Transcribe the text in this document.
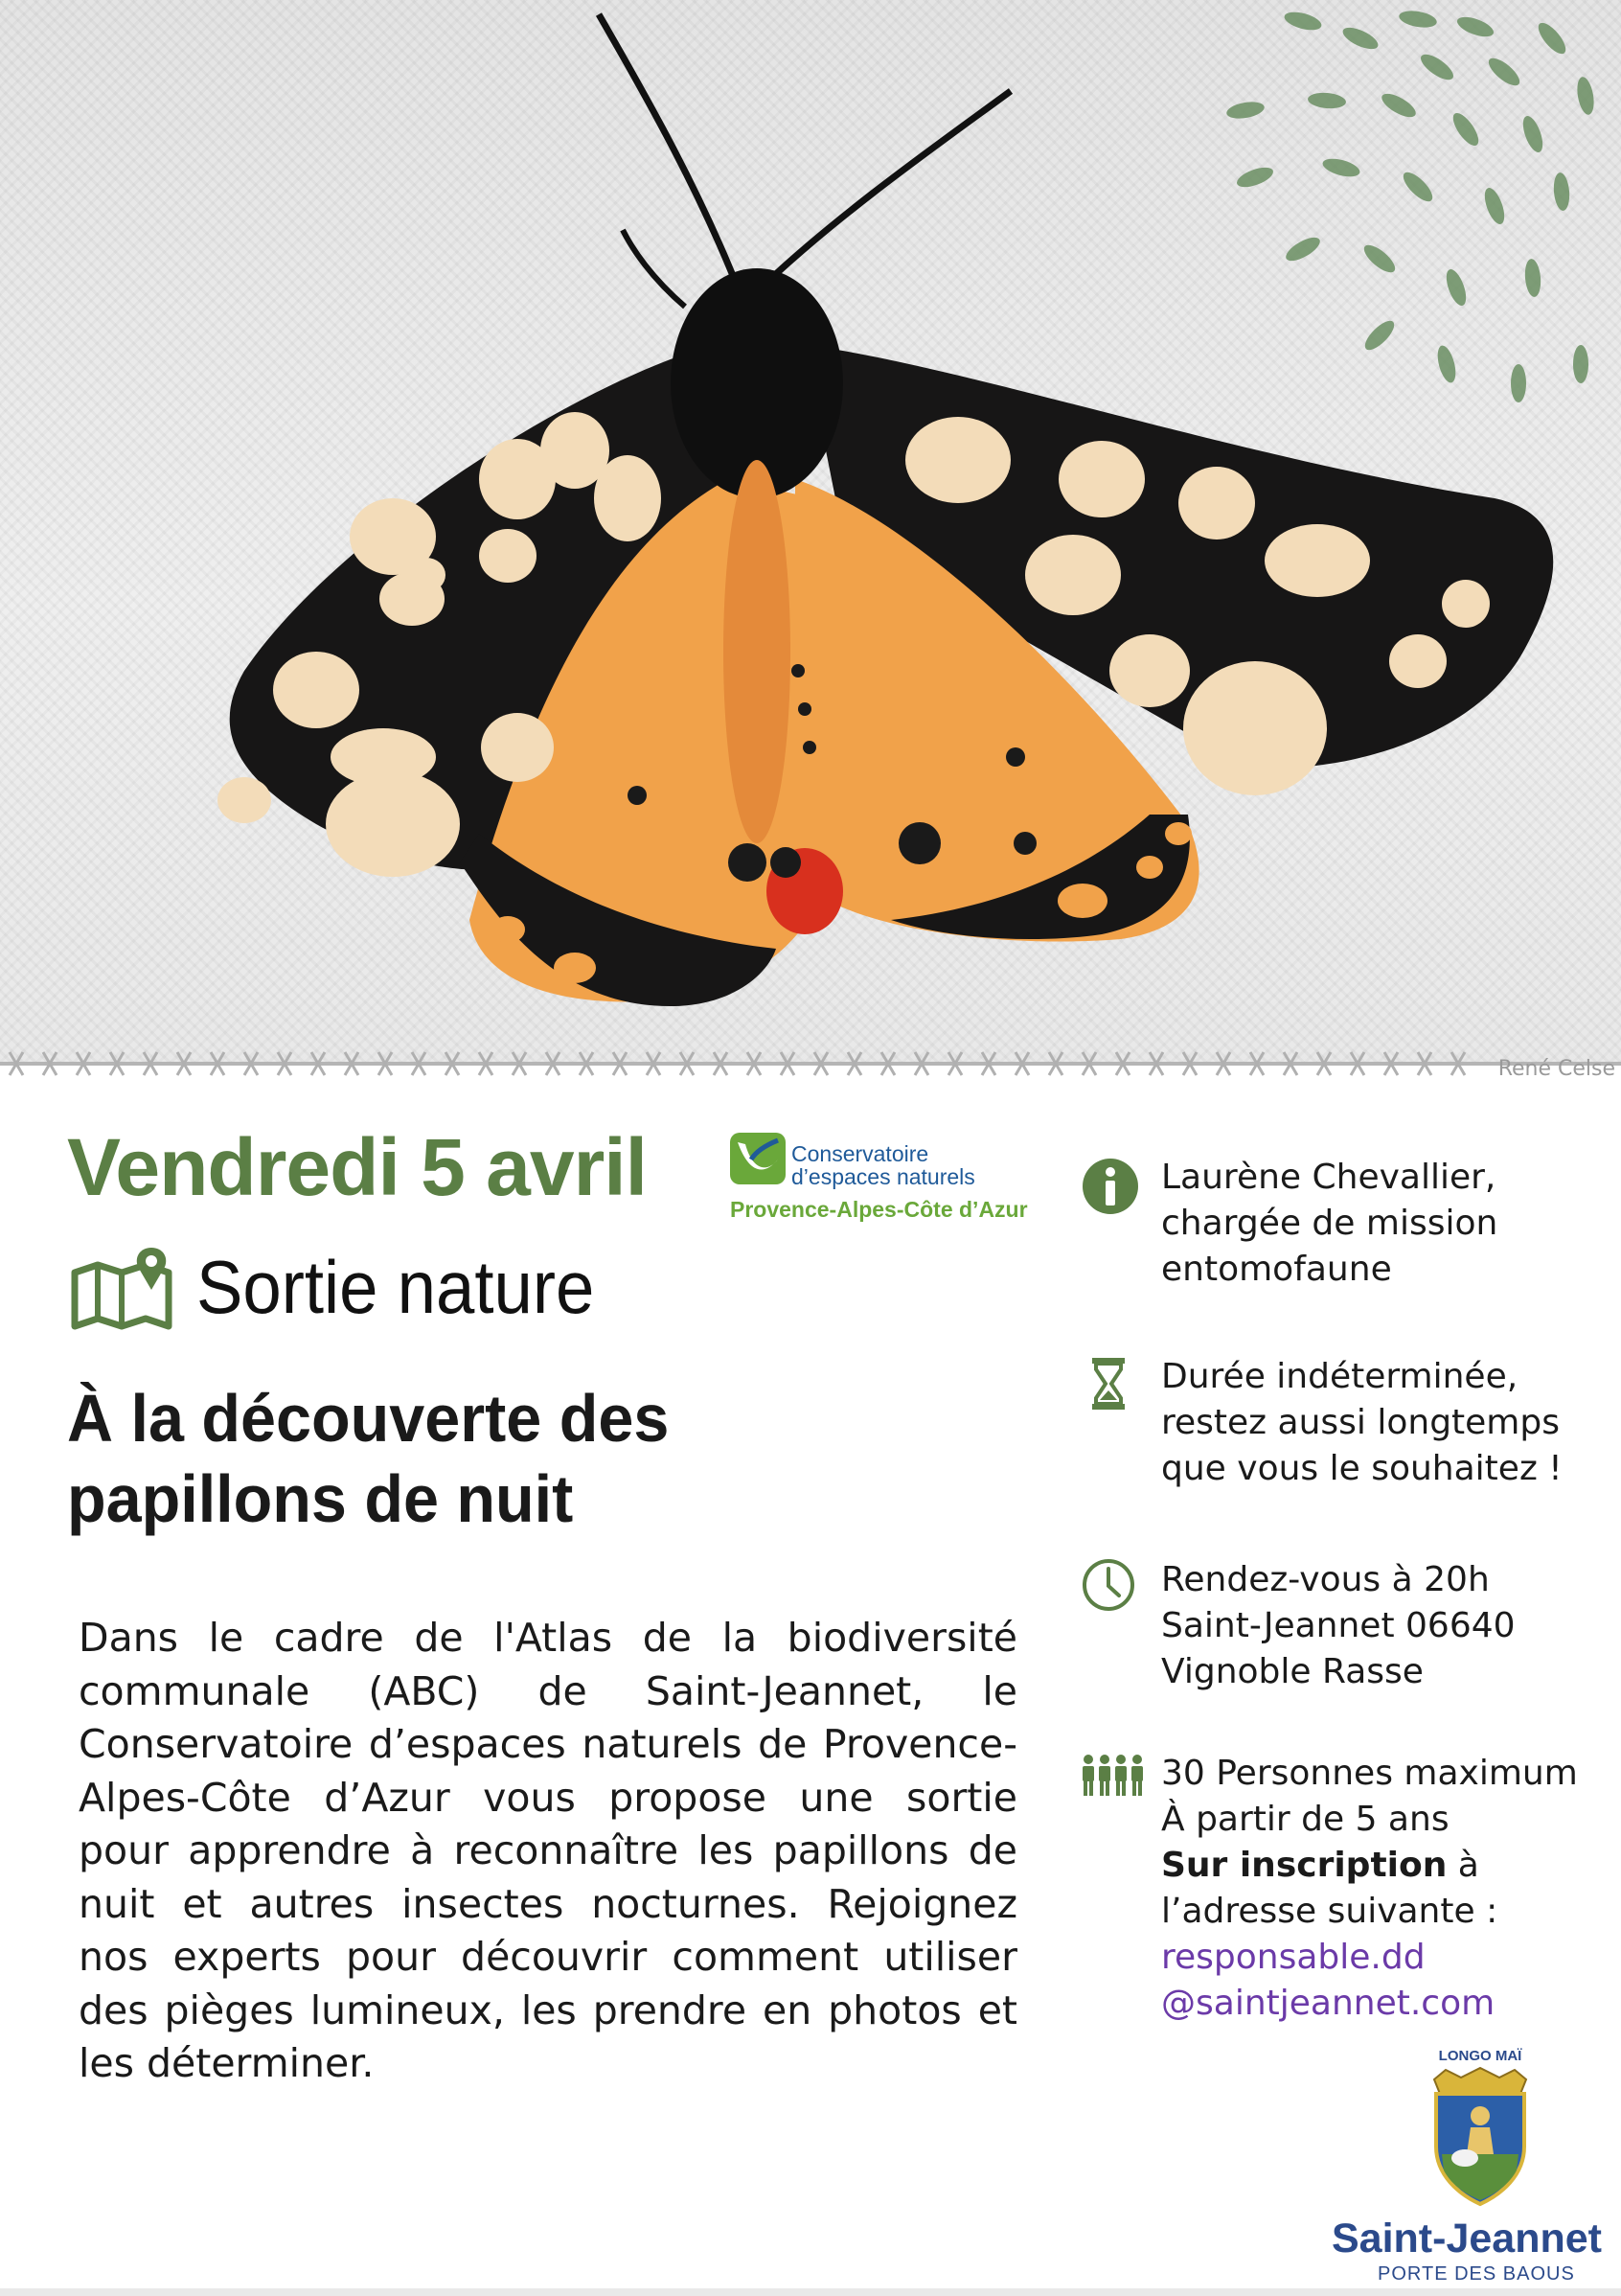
René Celse
Vendredi 5 avril	Conservatoire
d’espaces naturels
Provence-Alpes-Côte d’Azur
Sortie nature
À la découverte des
papillons de nuit
Dans le cadre de l'Atlas de la biodiversité communale (ABC) de Saint-Jeannet, le Conservatoire d’espaces naturels de Provence-Alpes-Côte d’Azur vous propose une sortie pour apprendre à reconnaître les papillons de nuit et autres insectes nocturnes. Rejoignez nos experts pour découvrir comment utiliser des pièges lumineux, les prendre en photos et les déterminer.
Laurène Chevallier,
chargée de mission
entomofaune
Durée indéterminée,
restez aussi longtemps
que vous le souhaitez !
Rendez-vous à 20h
Saint-Jeannet 06640
Vignoble Rasse
30 Personnes maximum
À partir de 5 ans
Sur inscription à
l’adresse suivante :
responsable.dd
@saintjeannet.com
LONGO MAÏ
Saint-Jeannet
PORTE DES BAOUS
